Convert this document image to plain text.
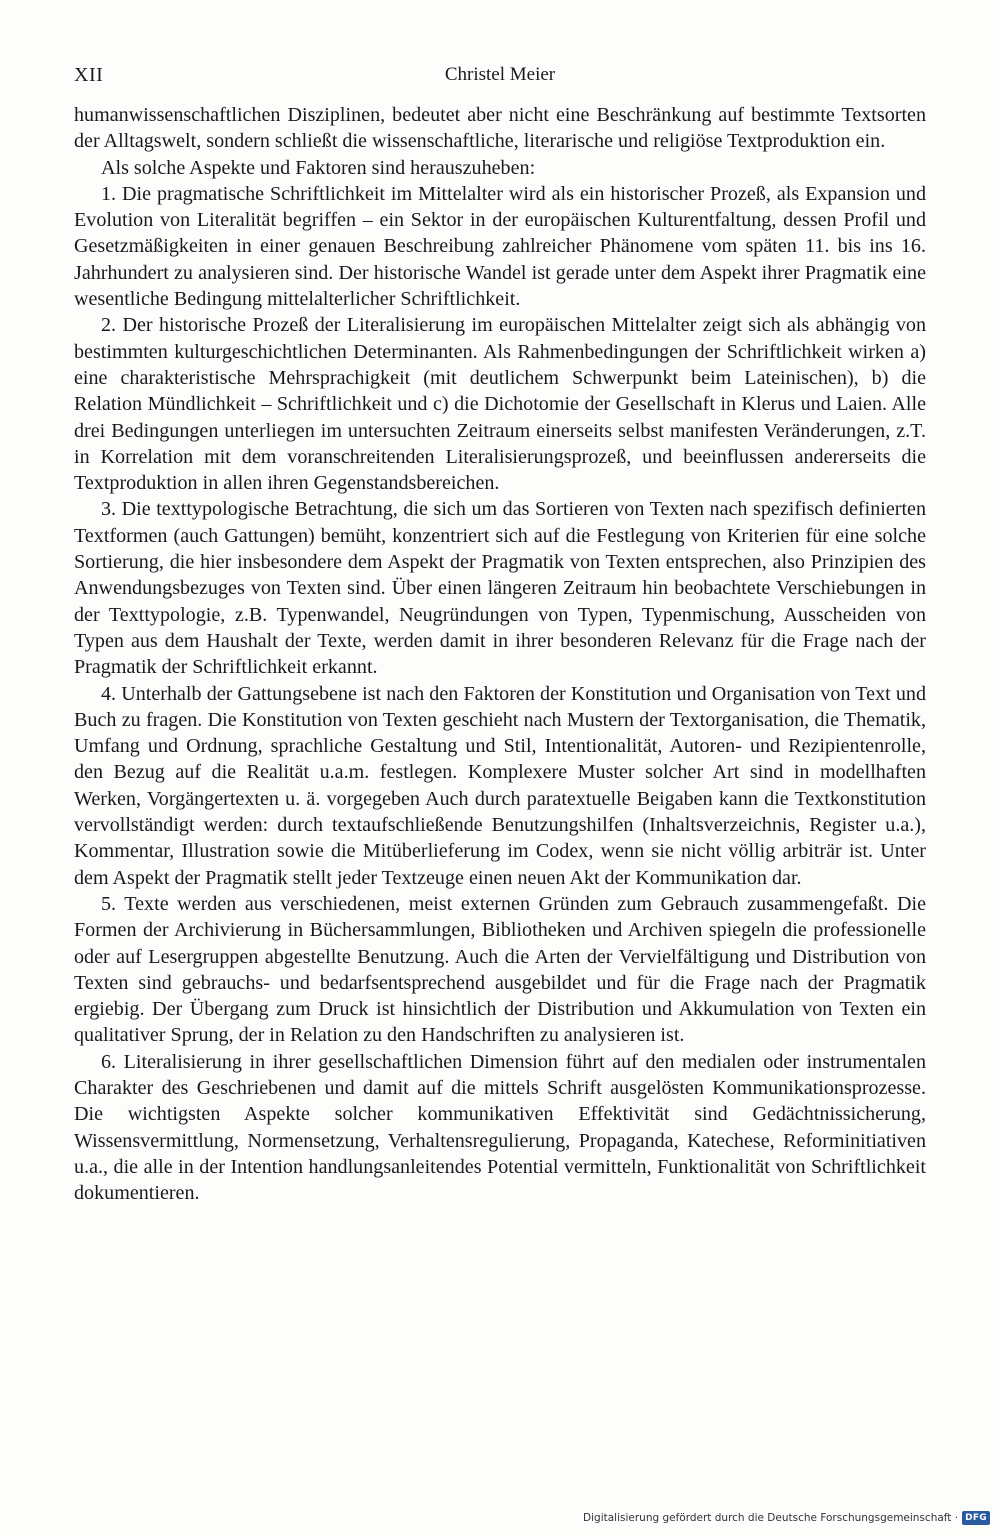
XII	Christel Meier

humanwissenschaftlichen Disziplinen, bedeutet aber nicht eine Beschränkung auf bestimmte Textsorten der Alltagswelt, sondern schließt die wissenschaftliche, literarische und religiöse Textproduktion ein.

Als solche Aspekte und Faktoren sind herauszuheben:

1. Die pragmatische Schriftlichkeit im Mittelalter wird als ein historischer Prozeß, als Expansion und Evolution von Literalität begriffen – ein Sektor in der europäischen Kulturentfaltung, dessen Profil und Gesetzmäßigkeiten in einer genauen Beschreibung zahlreicher Phänomene vom späten 11. bis ins 16. Jahrhundert zu analysieren sind. Der historische Wandel ist gerade unter dem Aspekt ihrer Pragmatik eine wesentliche Bedingung mittelalterlicher Schriftlichkeit.

2. Der historische Prozeß der Literalisierung im europäischen Mittelalter zeigt sich als abhängig von bestimmten kulturgeschichtlichen Determinanten. Als Rahmenbedingungen der Schriftlichkeit wirken a) eine charakteristische Mehrsprachigkeit (mit deutlichem Schwerpunkt beim Lateinischen), b) die Relation Mündlichkeit – Schriftlichkeit und c) die Dichotomie der Gesellschaft in Klerus und Laien. Alle drei Bedingungen unterliegen im untersuchten Zeitraum einerseits selbst manifesten Veränderungen, z.T. in Korrelation mit dem voranschreitenden Literalisierungsprozeß, und beeinflussen andererseits die Textproduktion in allen ihren Gegenstandsbereichen.

3. Die texttypologische Betrachtung, die sich um das Sortieren von Texten nach spezifisch definierten Textformen (auch Gattungen) bemüht, konzentriert sich auf die Festlegung von Kriterien für eine solche Sortierung, die hier insbesondere dem Aspekt der Pragmatik von Texten entsprechen, also Prinzipien des Anwendungsbezuges von Texten sind. Über einen längeren Zeitraum hin beobachtete Verschiebungen in der Texttypologie, z.B. Typenwandel, Neugründungen von Typen, Typenmischung, Ausscheiden von Typen aus dem Haushalt der Texte, werden damit in ihrer besonderen Relevanz für die Frage nach der Pragmatik der Schriftlichkeit erkannt.

4. Unterhalb der Gattungsebene ist nach den Faktoren der Konstitution und Organisation von Text und Buch zu fragen. Die Konstitution von Texten geschieht nach Mustern der Textorganisation, die Thematik, Umfang und Ordnung, sprachliche Gestaltung und Stil, Intentionalität, Autoren- und Rezipientenrolle, den Bezug auf die Realität u.a.m. festlegen. Komplexere Muster solcher Art sind in modellhaften Werken, Vorgängertexten u. ä. vorgegeben Auch durch paratextuelle Beigaben kann die Textkonstitution vervollständigt werden: durch textaufschließende Benutzungshilfen (Inhaltsverzeichnis, Register u.a.), Kommentar, Illustration sowie die Mitüberlieferung im Codex, wenn sie nicht völlig arbiträr ist. Unter dem Aspekt der Pragmatik stellt jeder Textzeuge einen neuen Akt der Kommunikation dar.

5. Texte werden aus verschiedenen, meist externen Gründen zum Gebrauch zusammengefaßt. Die Formen der Archivierung in Büchersammlungen, Bibliotheken und Archiven spiegeln die professionelle oder auf Lesergruppen abgestellte Benutzung. Auch die Arten der Vervielfältigung und Distribution von Texten sind gebrauchs- und bedarfsentsprechend ausgebildet und für die Frage nach der Pragmatik ergiebig. Der Übergang zum Druck ist hinsichtlich der Distribution und Akkumulation von Texten ein qualitativer Sprung, der in Relation zu den Handschriften zu analysieren ist.

6. Literalisierung in ihrer gesellschaftlichen Dimension führt auf den medialen oder instrumentalen Charakter des Geschriebenen und damit auf die mittels Schrift ausgelösten Kommunikationsprozesse. Die wichtigsten Aspekte solcher kommunikativen Effektivität sind Gedächtnissicherung, Wissensvermittlung, Normensetzung, Verhaltensregulierung, Propaganda, Katechese, Reforminitiativen u.a., die alle in der Intention handlungsanleitendes Potential vermitteln, Funktionalität von Schriftlichkeit dokumentieren.

Digitalisierung gefördert durch die Deutsche Forschungsgemeinschaft · DFG
